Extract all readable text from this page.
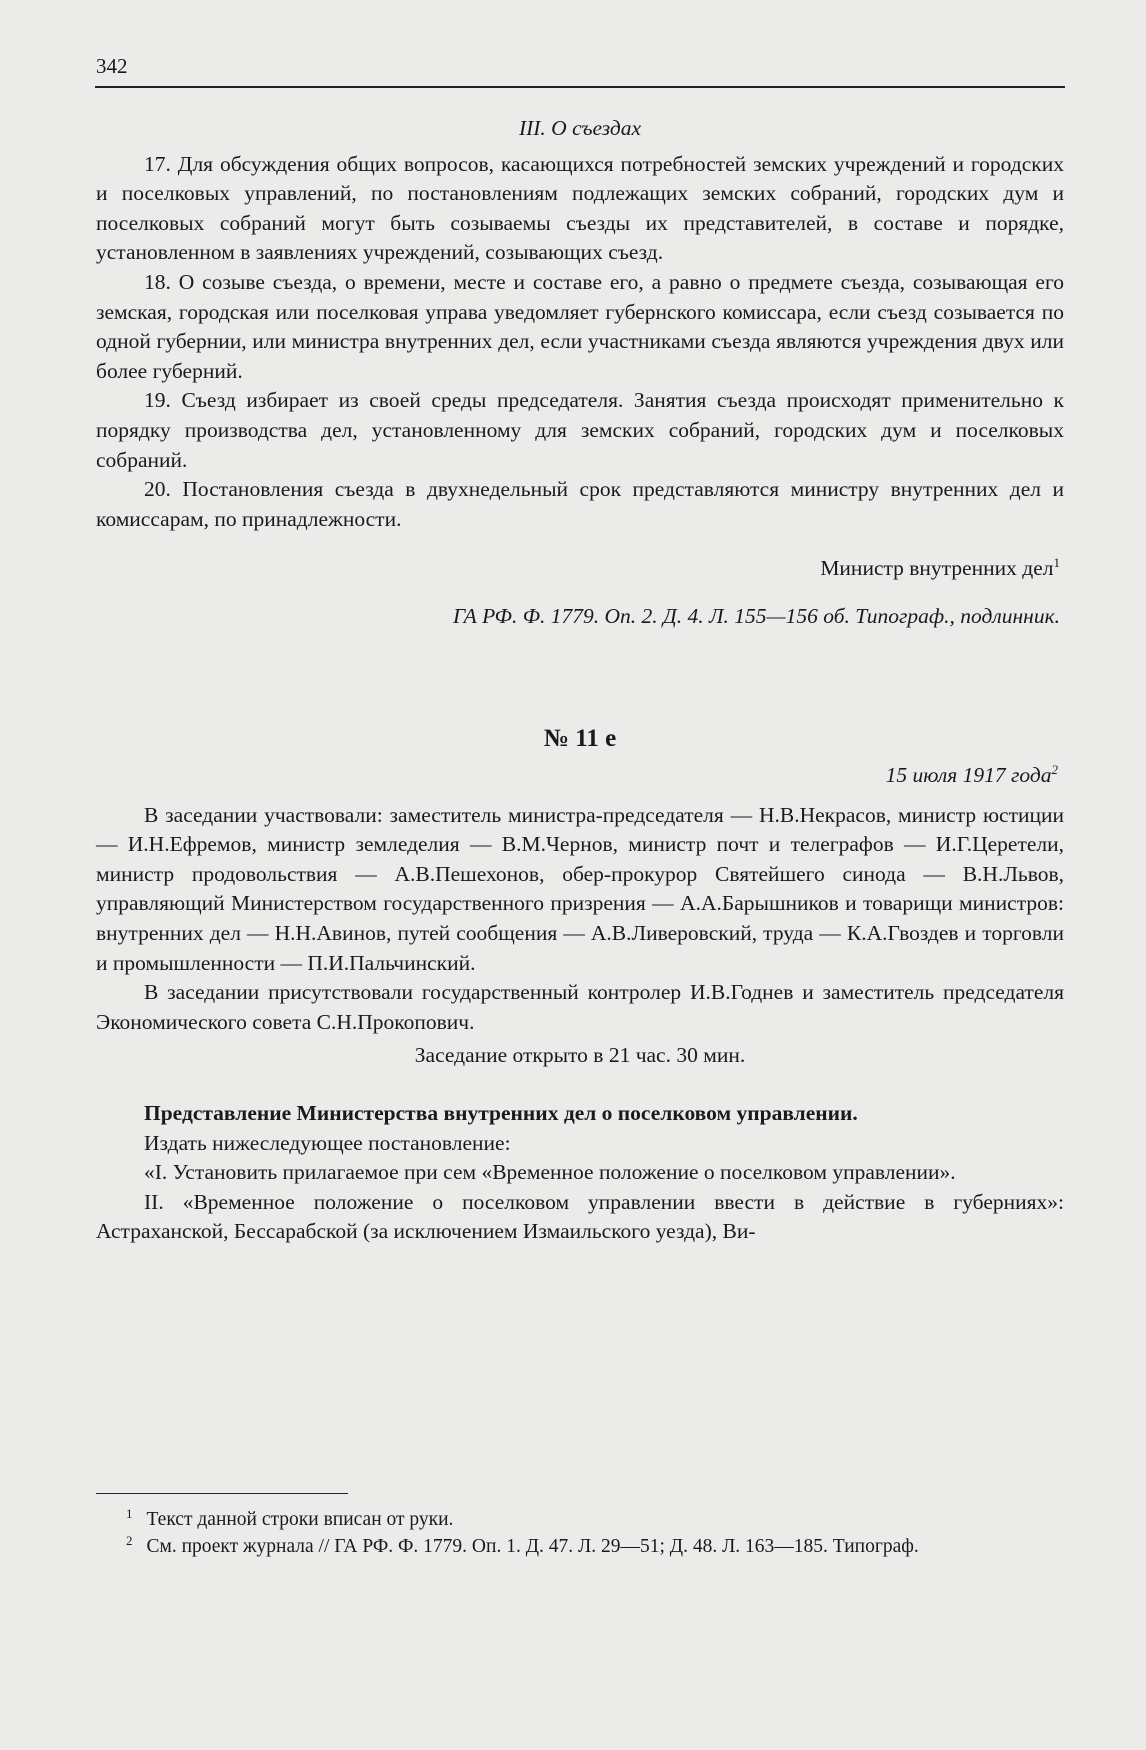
342

III. О съездах

17. Для обсуждения общих вопросов, касающихся потребностей земских учреждений и городских и поселковых управлений, по постановлениям подлежащих земских собраний, городских дум и поселковых собраний могут быть созываемы съезды их представителей, в составе и порядке, установленном в заявлениях учреждений, созывающих съезд.

18. О созыве съезда, о времени, месте и составе его, а равно о предмете съезда, созывающая его земская, городская или поселковая управа уведомляет губернского комиссара, если съезд созывается по одной губернии, или министра внутренних дел, если участниками съезда являются учреждения двух или более губерний.

19. Съезд избирает из своей среды председателя. Занятия съезда происходят применительно к порядку производства дел, установленному для земских собраний, городских дум и поселковых собраний.

20. Постановления съезда в двухнедельный срок представляются министру внутренних дел и комиссарам, по принадлежности.

Министр внутренних дел$^1$

ГА РФ. Ф. 1779. Оп. 2. Д. 4. Л. 155—156 об. Типограф., подлинник.

№ 11 е

15 июля 1917 года$^2$

В заседании участвовали: заместитель министра-председателя — Н.В.Некрасов, министр юстиции — И.Н.Ефремов, министр земледелия — В.М.Чернов, министр почт и телеграфов — И.Г.Церетели, министр продовольствия — А.В.Пешехонов, обер-прокурор Святейшего синода — В.Н.Львов, управляющий Министерством государственного призрения — А.А.Барышников и товарищи министров: внутренних дел — Н.Н.Авинов, путей сообщения — А.В.Ливеровский, труда — К.А.Гвоздев и торговли и промышленности — П.И.Пальчинский.

В заседании присутствовали государственный контролер И.В.Годнев и заместитель председателя Экономического совета С.Н.Прокопович.

Заседание открыто в 21 час. 30 мин.

Представление Министерства внутренних дел о поселковом управлении.

Издать нижеследующее постановление:

«I. Установить прилагаемое при сем «Временное положение о поселковом управлении».

II. «Временное положение о поселковом управлении ввести в действие в губерниях»: Астраханской, Бессарабской (за исключением Измаильского уезда), Ви-

$^1$ Текст данной строки вписан от руки.

$^2$ См. проект журнала // ГА РФ. Ф. 1779. Оп. 1. Д. 47. Л. 29—51; Д. 48. Л. 163—185. Типограф.
